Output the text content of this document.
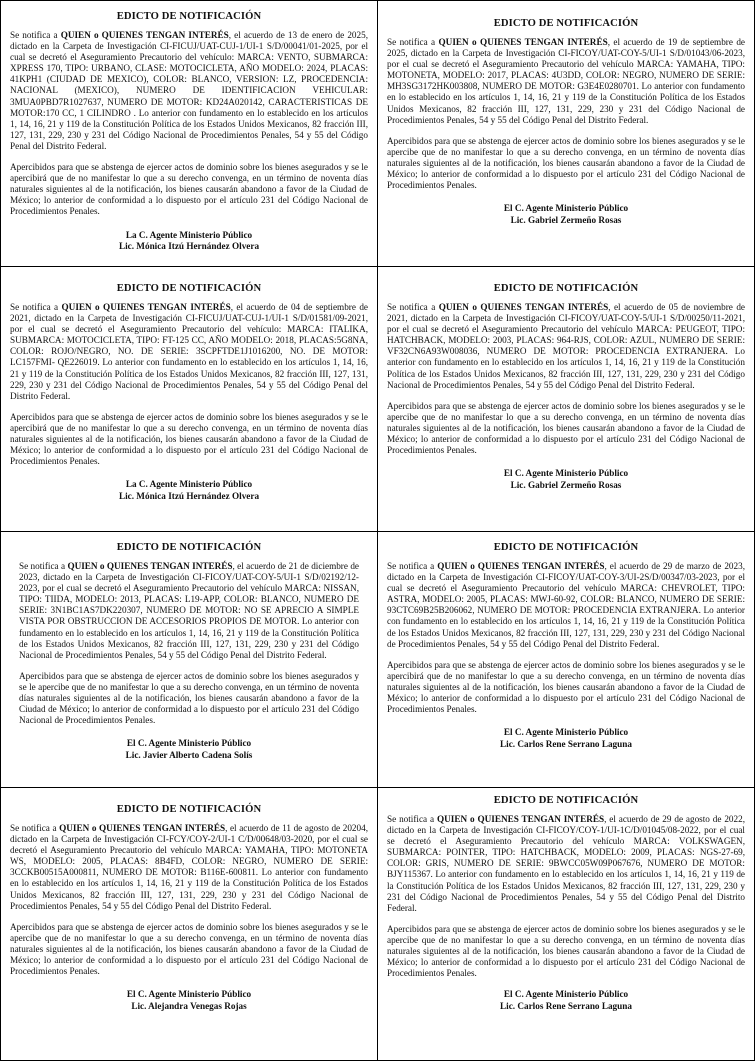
EDICTO DE NOTIFICACIÓN

Se notifica a QUIEN o QUIENES TENGAN INTERÉS, el acuerdo de 13 de enero de 2025, dictado en la Carpeta de Investigación CI-FICUJ/UAT-CUJ-1/UI-1 S/D/00041/01-2025, por el cual se decretó el Aseguramiento Precautorio del vehículo: MARCA: VENTO, SUBMARCA: XPRESS 170, TIPO: URBANO, CLASE: MOTOCICLETA, AÑO MODELO: 2024, PLACAS: 41KPH1 (CIUDAD DE MEXICO), COLOR: BLANCO, VERSION: LZ, PROCEDENCIA: NACIONAL (MEXICO), NUMERO DE IDENTIFICACION VEHICULAR: 3MUA0PBD7R1027637, NUMERO DE MOTOR: KD24A020142, CARACTERISTICAS DE MOTOR:170 CC, 1 CILINDRO . Lo anterior con fundamento en lo establecido en los artículos 1, 14, 16, 21 y 119 de la Constitución Política de los Estados Unidos Mexicanos, 82 fracción III, 127, 131, 229, 230 y 231 del Código Nacional de Procedimientos Penales, 54 y 55 del Código Penal del Distrito Federal.

Apercibidos para que se abstenga de ejercer actos de dominio sobre los bienes asegurados y se le apercibirá que de no manifestar lo que a su derecho convenga, en un término de noventa días naturales siguientes al de la notificación, los bienes causarán abandono a favor de la Ciudad de México; lo anterior de conformidad a lo dispuesto por el artículo 231 del Código Nacional de Procedimientos Penales.

La C. Agente Ministerio Público
Lic. Mónica Itzú Hernández Olvera
EDICTO DE NOTIFICACIÓN

Se notifica a QUIEN o QUIENES TENGAN INTERÉS, el acuerdo de 19 de septiembre de 2025, dictado en la Carpeta de Investigación CI-FICOY/UAT-COY-5/UI-1 S/D/01043/06-2023, por el cual se decretó el Aseguramiento Precautorio del vehículo MARCA: YAMAHA, TIPO: MOTONETA, MODELO: 2017, PLACAS: 4U3DD, COLOR: NEGRO, NUMERO DE SERIE: MH3SG3172HK003808, NUMERO DE MOTOR: G3E4E0280701. Lo anterior con fundamento en lo establecido en los artículos 1, 14, 16, 21 y 119 de la Constitución Política de los Estados Unidos Mexicanos, 82 fracción III, 127, 131, 229, 230 y 231 del Código Nacional de Procedimientos Penales, 54 y 55 del Código Penal del Distrito Federal.

Apercibidos para que se abstenga de ejercer actos de dominio sobre los bienes asegurados y se le apercibe que de no manifestar lo que a su derecho convenga, en un término de noventa días naturales siguientes al de la notificación, los bienes causarán abandono a favor de la Ciudad de México; lo anterior de conformidad a lo dispuesto por el artículo 231 del Código Nacional de Procedimientos Penales.

El C. Agente Ministerio Público
Lic. Gabriel Zermeño Rosas
EDICTO DE NOTIFICACIÓN

Se notifica a QUIEN o QUIENES TENGAN INTERÉS, el acuerdo de 04 de septiembre de 2021, dictado en la Carpeta de Investigación CI-FICUJ/UAT-CUJ-1/UI-1 S/D/01581/09-2021, por el cual se decretó el Aseguramiento Precautorio del vehículo: MARCA: ITALIKA, SUBMARCA: MOTOCICLETA, TIPO: FT-125 CC, AÑO MODELO: 2018, PLACAS:5G8NA, COLOR: ROJO/NEGRO, NO. DE SERIE: 3SCPFTDE1J1016200, NO. DE MOTOR: LC157FMI- QE226019. Lo anterior con fundamento en lo establecido en los artículos 1, 14, 16, 21 y 119 de la Constitución Política de los Estados Unidos Mexicanos, 82 fracción III, 127, 131, 229, 230 y 231 del Código Nacional de Procedimientos Penales, 54 y 55 del Código Penal del Distrito Federal.

Apercibidos para que se abstenga de ejercer actos de dominio sobre los bienes asegurados y se le apercibirá que de no manifestar lo que a su derecho convenga, en un término de noventa días naturales siguientes al de la notificación, los bienes causarán abandono a favor de la Ciudad de México; lo anterior de conformidad a lo dispuesto por el artículo 231 del Código Nacional de Procedimientos Penales.

La C. Agente Ministerio Público
Lic. Mónica Itzú Hernández Olvera
EDICTO DE NOTIFICACIÓN

Se notifica a QUIEN o QUIENES TENGAN INTERÉS, el acuerdo de 05 de noviembre de 2021, dictado en la Carpeta de Investigación CI-FICOY/UAT-COY-5/UI-1 S/D/00250/11-2021, por el cual se decretó el Aseguramiento Precautorio del vehículo MARCA: PEUGEOT, TIPO: HATCHBACK, MODELO: 2003, PLACAS: 964-RJS, COLOR: AZUL, NUMERO DE SERIE: VF32CN6A93W008036, NUMERO DE MOTOR: PROCEDENCIA EXTRANJERA. Lo anterior con fundamento en lo establecido en los artículos 1, 14, 16, 21 y 119 de la Constitución Política de los Estados Unidos Mexicanos, 82 fracción III, 127, 131, 229, 230 y 231 del Código Nacional de Procedimientos Penales, 54 y 55 del Código Penal del Distrito Federal.

Apercibidos para que se abstenga de ejercer actos de dominio sobre los bienes asegurados y se le apercibe que de no manifestar lo que a su derecho convenga, en un término de noventa días naturales siguientes al de la notificación, los bienes causarán abandono a favor de la Ciudad de México; lo anterior de conformidad a lo dispuesto por el artículo 231 del Código Nacional de Procedimientos Penales.

El C. Agente Ministerio Público
Lic. Gabriel Zermeño Rosas
EDICTO DE NOTIFICACIÓN

Se notifica a QUIEN o QUIENES TENGAN INTERÉS, el acuerdo de 21 de diciembre de 2023, dictado en la Carpeta de Investigación CI-FICOY/UAT-COY-5/UI-1 S/D/02192/12-2023, por el cual se decretó el Aseguramiento Precautorio del vehículo MARCA: NISSAN, TIPO: TIIDA, MODELO: 2013, PLACAS: L19-APP, COLOR: BLANCO, NUMERO DE SERIE: 3N1BC1AS7DK220307, NUMERO DE MOTOR: NO SE APRECIO A SIMPLE VISTA POR OBSTRUCCION DE ACCESORIOS PROPIOS DE MOTOR. Lo anterior con fundamento en lo establecido en los artículos 1, 14, 16, 21 y 119 de la Constitución Política de los Estados Unidos Mexicanos, 82 fracción III, 127, 131, 229, 230 y 231 del Código Nacional de Procedimientos Penales, 54 y 55 del Código Penal del Distrito Federal.

Apercibidos para que se abstenga de ejercer actos de dominio sobre los bienes asegurados y se le apercibe que de no manifestar lo que a su derecho convenga, en un término de noventa días naturales siguientes al de la notificación, los bienes causarán abandono a favor de la Ciudad de México; lo anterior de conformidad a lo dispuesto por el artículo 231 del Código Nacional de Procedimientos Penales.

El C. Agente Ministerio Público
Lic. Javier Alberto Cadena Solís
EDICTO DE NOTIFICACIÓN

Se notifica a QUIEN o QUIENES TENGAN INTERÉS, el acuerdo de 29 de marzo de 2023, dictado en la Carpeta de Investigación CI-FICOY/UAT-COY-3/UI-2S/D/00347/03-2023, por el cual se decretó el Aseguramiento Precautorio del vehículo MARCA: CHEVROLET, TIPO: ASTRA, MODELO: 2005, PLACAS: MWJ-60-92, COLOR: BLANCO, NUMERO DE SERIE: 93CTC69B25B206062, NUMERO DE MOTOR: PROCEDENCIA EXTRANJERA. Lo anterior con fundamento en lo establecido en los artículos 1, 14, 16, 21 y 119 de la Constitución Política de los Estados Unidos Mexicanos, 82 fracción III, 127, 131, 229, 230 y 231 del Código Nacional de Procedimientos Penales, 54 y 55 del Código Penal del Distrito Federal.

Apercibidos para que se abstenga de ejercer actos de dominio sobre los bienes asegurados y se le apercibirá que de no manifestar lo que a su derecho convenga, en un término de noventa días naturales siguientes al de la notificación, los bienes causarán abandono a favor de la Ciudad de México; lo anterior de conformidad a lo dispuesto por el artículo 231 del Código Nacional de Procedimientos Penales.

El C. Agente Ministerio Público
Lic. Carlos Rene Serrano Laguna
EDICTO DE NOTIFICACIÓN

Se notifica a QUIEN o QUIENES TENGAN INTERÉS, el acuerdo de 11 de agosto de 20204, dictado en la Carpeta de Investigación CI-FCY/COY-2/UI-1 C/D/00648/03-2020, por el cual se decretó el Aseguramiento Precautorio del vehículo MARCA: YAMAHA, TIPO: MOTONETA WS, MODELO: 2005, PLACAS: 8B4FD, COLOR: NEGRO, NUMERO DE SERIE: 3CCKB00515A000811, NUMERO DE MOTOR: B116E-600811. Lo anterior con fundamento en lo establecido en los artículos 1, 14, 16, 21 y 119 de la Constitución Política de los Estados Unidos Mexicanos, 82 fracción III, 127, 131, 229, 230 y 231 del Código Nacional de Procedimientos Penales, 54 y 55 del Código Penal del Distrito Federal.

Apercibidos para que se abstenga de ejercer actos de dominio sobre los bienes asegurados y se le apercibe que de no manifestar lo que a su derecho convenga, en un término de noventa días naturales siguientes al de la notificación, los bienes causarán abandono a favor de la Ciudad de México; lo anterior de conformidad a lo dispuesto por el artículo 231 del Código Nacional de Procedimientos Penales.

El C. Agente Ministerio Público
Lic. Alejandra Venegas Rojas
EDICTO DE NOTIFICACIÓN

Se notifica a QUIEN o QUIENES TENGAN INTERÉS, el acuerdo de 29 de agosto de 2022, dictado en la Carpeta de Investigación CI-FICOY/COY-1/UI-1C/D/01045/08-2022, por el cual se decretó el Aseguramiento Precautorio del vehículo MARCA: VOLKSWAGEN, SUBMARCA: POINTER, TIPO: HATCHBACK, MODELO: 2009, PLACAS: NGS-27-69, COLOR: GRIS, NUMERO DE SERIE: 9BWCC05W09P067676, NUMERO DE MOTOR: BJY115367. Lo anterior con fundamento en lo establecido en los artículos 1, 14, 16, 21 y 119 de la Constitución Política de los Estados Unidos Mexicanos, 82 fracción III, 127, 131, 229, 230 y 231 del Código Nacional de Procedimientos Penales, 54 y 55 del Código Penal del Distrito Federal.

Apercibidos para que se abstenga de ejercer actos de dominio sobre los bienes asegurados y se le apercibe que de no manifestar lo que a su derecho convenga, en un término de noventa días naturales siguientes al de la notificación, los bienes causarán abandono a favor de la Ciudad de México; lo anterior de conformidad a lo dispuesto por el artículo 231 del Código Nacional de Procedimientos Penales.

El C. Agente Ministerio Público
Lic. Carlos Rene Serrano Laguna
